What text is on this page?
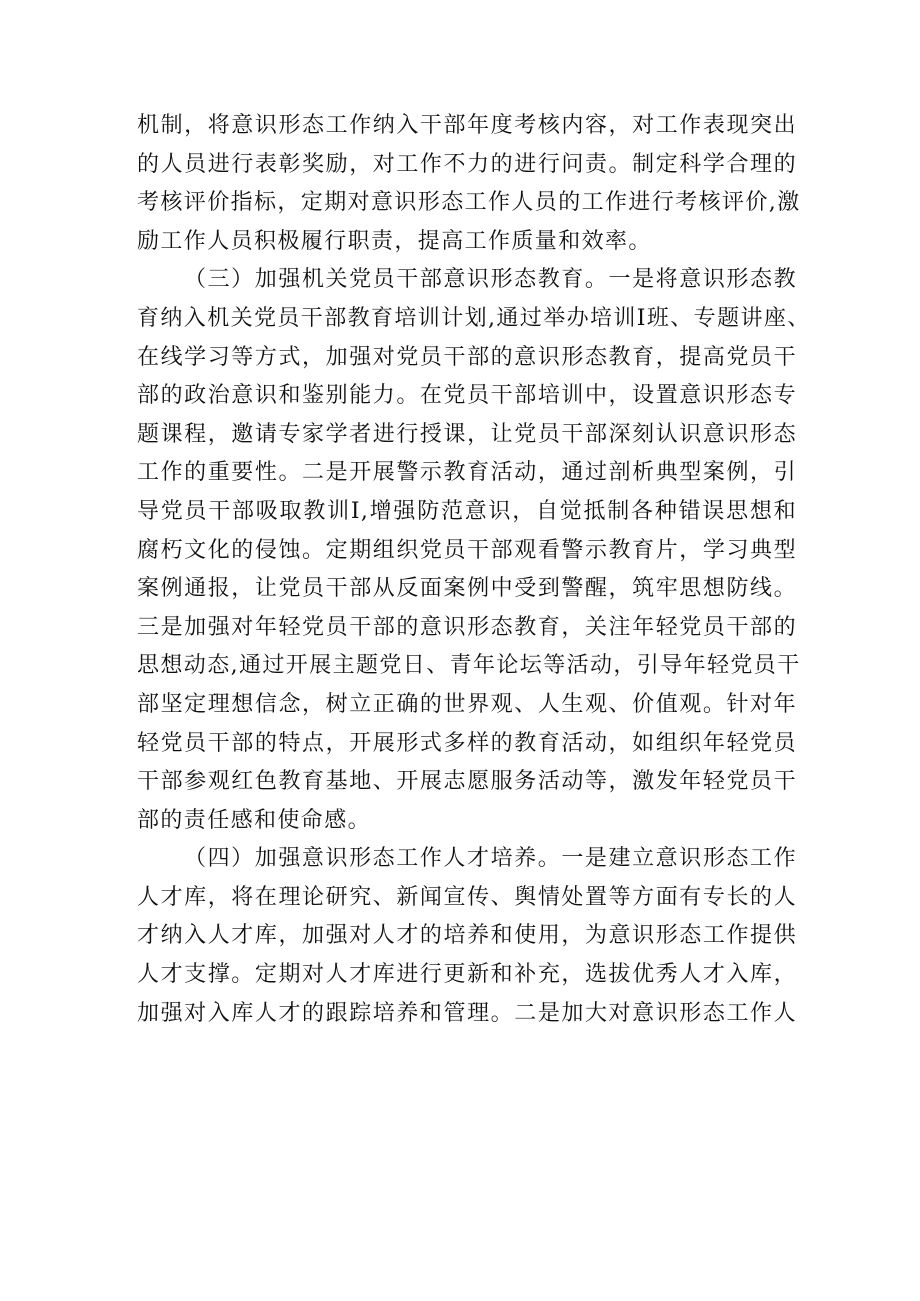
机制，将意识形态工作纳入干部年度考核内容，对工作表现突出
的人员进行表彰奖励，对工作不力的进行问责。制定科学合理的
考核评价指标，定期对意识形态工作人员的工作进行考核评价,激
励工作人员积极履行职责，提高工作质量和效率。
（三）加强机关党员干部意识形态教育。一是将意识形态教
育纳入机关党员干部教育培训计划,通过举办培训I班、专题讲座、
在线学习等方式，加强对党员干部的意识形态教育，提高党员干
部的政治意识和鉴别能力。在党员干部培训中，设置意识形态专
题课程，邀请专家学者进行授课，让党员干部深刻认识意识形态
工作的重要性。二是开展警示教育活动，通过剖析典型案例，引
导党员干部吸取教训I,增强防范意识，自觉抵制各种错误思想和
腐朽文化的侵蚀。定期组织党员干部观看警示教育片，学习典型
案例通报，让党员干部从反面案例中受到警醒，筑牢思想防线。
三是加强对年轻党员干部的意识形态教育，关注年轻党员干部的
思想动态,通过开展主题党日、青年论坛等活动，引导年轻党员干
部坚定理想信念，树立正确的世界观、人生观、价值观。针对年
轻党员干部的特点，开展形式多样的教育活动，如组织年轻党员
干部参观红色教育基地、开展志愿服务活动等，激发年轻党员干
部的责任感和使命感。
（四）加强意识形态工作人才培养。一是建立意识形态工作
人才库，将在理论研究、新闻宣传、舆情处置等方面有专长的人
才纳入人才库，加强对人才的培养和使用，为意识形态工作提供
人才支撑。定期对人才库进行更新和补充，选拔优秀人才入库，
加强对入库人才的跟踪培养和管理。二是加大对意识形态工作人
